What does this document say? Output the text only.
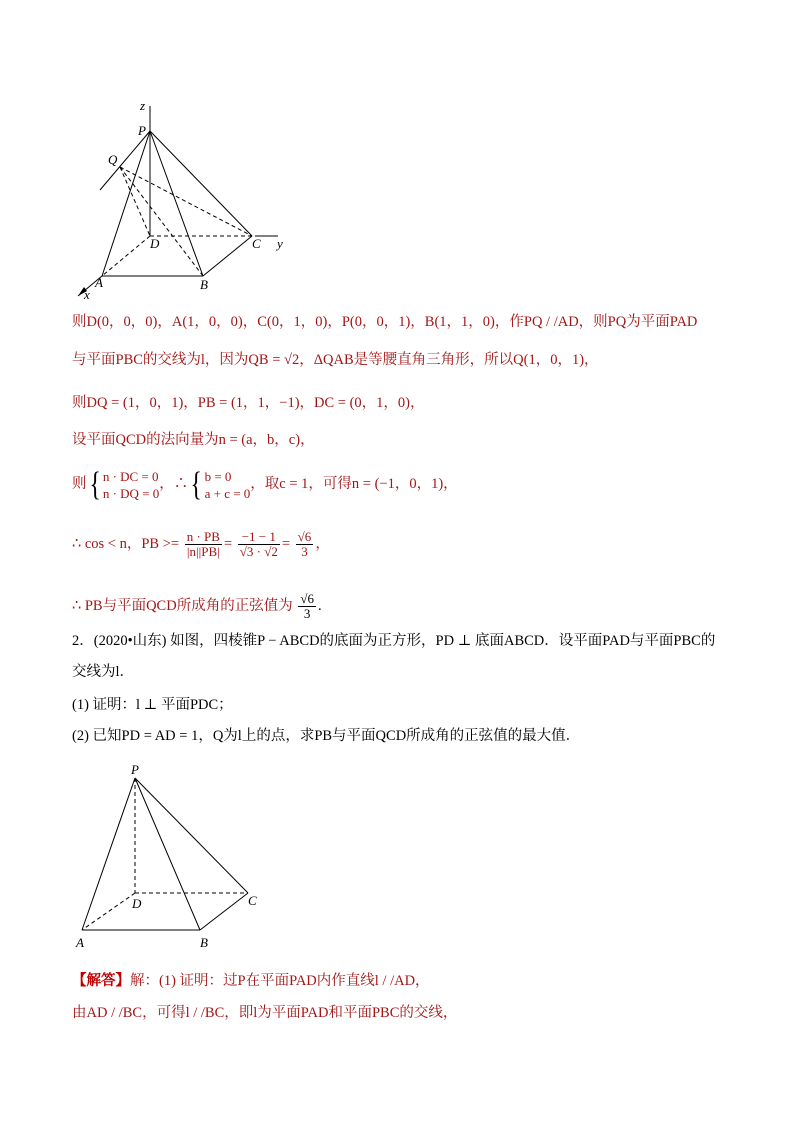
z
P
Q
D	C y
A	B
x
则D(0，0，0)，A(1，0，0)，C(0，1，0)，P(0，0，1)，B(1，1，0)，作PQ / /AD，则PQ为平面PAD
与平面PBC的交线为l，因为QB = √2，ΔQAB是等腰直角三角形，所以Q(1，0，1)，
则DQ = (1，0，1)，PB = (1，1，−1)，DC = (0，1，0)，
设平面QCD的法向量为n = (a，b，c)，
则{ n · DC = 0
n · DQ = 0
，∴{ b = 0
a + c = 0
，取c = 1，可得n = (−1，0，1)，
∴ cos < n，PB >= $\frac{n \cdot PB}{|n||PB|} = \frac{-1 - 1}{√3 \cdot √2} = \frac{√6}{3}$ ，
∴ PB与平面QCD所成角的正弦值为 $\frac{√6}{3}$ .
2．(2020•山东) 如图，四棱锥P − ABCD的底面为正方形，PD ⊥ 底面ABCD．设平面PAD与平面PBC的
交线为l．
(1) 证明：l ⊥ 平面PDC；
(2) 已知PD = AD = 1，Q为l上的点，求PB与平面QCD所成角的正弦值的最大值．
P
D	C
A	B
【解答】解：(1) 证明：过P在平面PAD内作直线l / /AD，
由AD / /BC，可得l / /BC，即l为平面PAD和平面PBC的交线，
